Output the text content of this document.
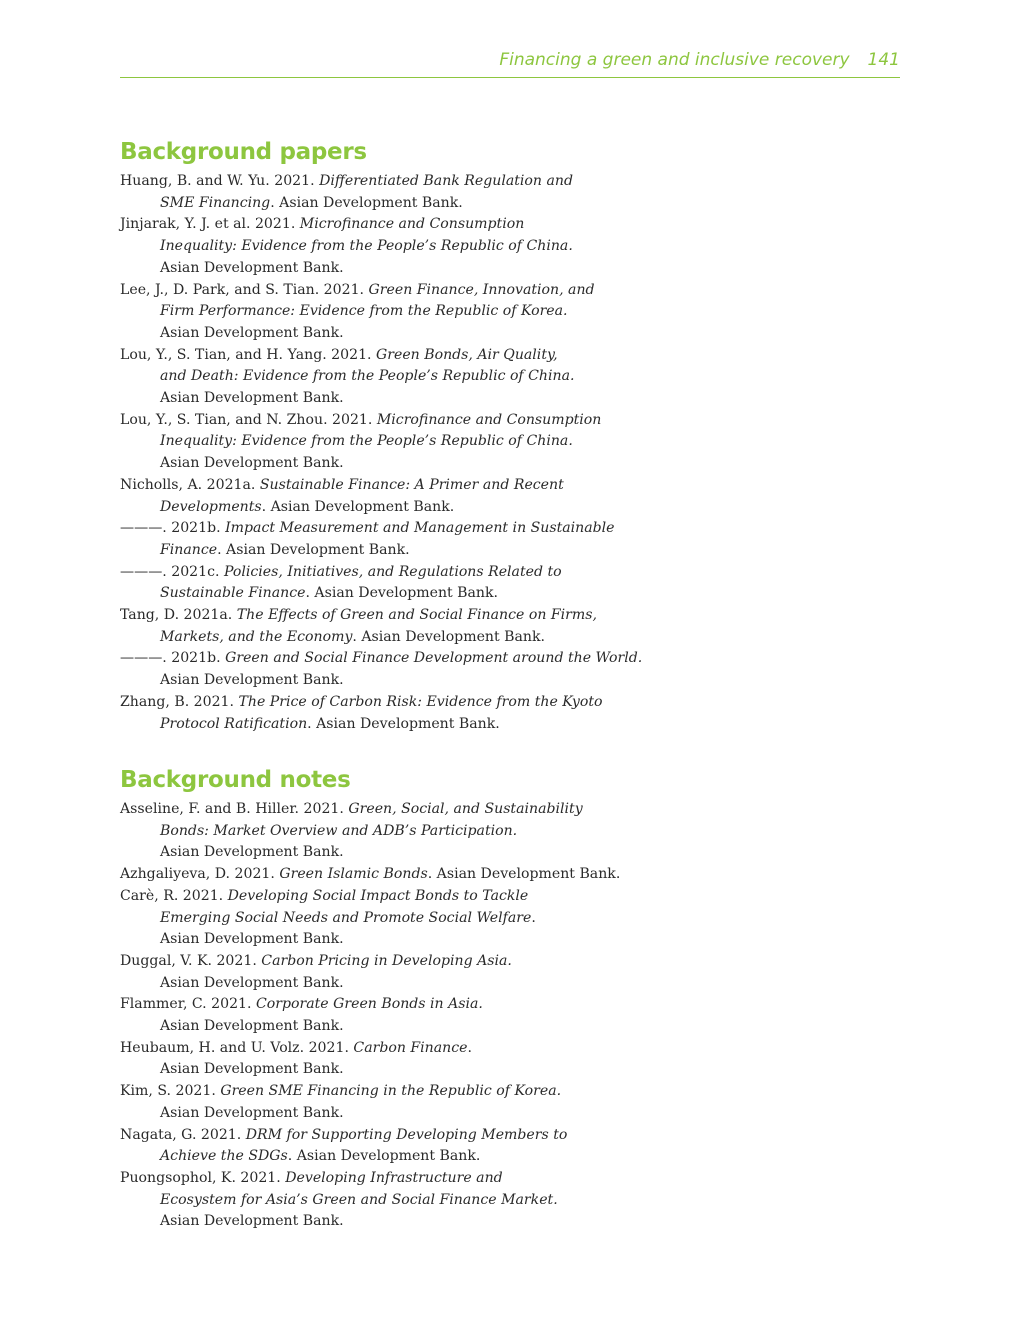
Financing a green and inclusive recovery 141
Background papers
Huang, B. and W. Yu. 2021. Differentiated Bank Regulation and
SME Financing. Asian Development Bank.
Jinjarak, Y. J. et al. 2021. Microfinance and Consumption
Inequality: Evidence from the People’s Republic of China.
Asian Development Bank.
Lee, J., D. Park, and S. Tian. 2021. Green Finance, Innovation, and
Firm Performance: Evidence from the Republic of Korea.
Asian Development Bank.
Lou, Y., S. Tian, and H. Yang. 2021. Green Bonds, Air Quality,
and Death: Evidence from the People’s Republic of China.
Asian Development Bank.
Lou, Y., S. Tian, and N. Zhou. 2021. Microfinance and Consumption
Inequality: Evidence from the People’s Republic of China.
Asian Development Bank.
Nicholls, A. 2021a. Sustainable Finance: A Primer and Recent
Developments. Asian Development Bank.
———. 2021b. Impact Measurement and Management in Sustainable
Finance. Asian Development Bank.
———. 2021c. Policies, Initiatives, and Regulations Related to
Sustainable Finance. Asian Development Bank.
Tang, D. 2021a. The Effects of Green and Social Finance on Firms,
Markets, and the Economy. Asian Development Bank.
———. 2021b. Green and Social Finance Development around the World.
Asian Development Bank.
Zhang, B. 2021. The Price of Carbon Risk: Evidence from the Kyoto
Protocol Ratification. Asian Development Bank.
Background notes
Asseline, F. and B. Hiller. 2021. Green, Social, and Sustainability
Bonds: Market Overview and ADB’s Participation.
Asian Development Bank.
Azhgaliyeva, D. 2021. Green Islamic Bonds. Asian Development Bank.
Carè, R. 2021. Developing Social Impact Bonds to Tackle
Emerging Social Needs and Promote Social Welfare.
Asian Development Bank.
Duggal, V. K. 2021. Carbon Pricing in Developing Asia.
Asian Development Bank.
Flammer, C. 2021. Corporate Green Bonds in Asia.
Asian Development Bank.
Heubaum, H. and U. Volz. 2021. Carbon Finance.
Asian Development Bank.
Kim, S. 2021. Green SME Financing in the Republic of Korea.
Asian Development Bank.
Nagata, G. 2021. DRM for Supporting Developing Members to
Achieve the SDGs. Asian Development Bank.
Puongsophol, K. 2021. Developing Infrastructure and
Ecosystem for Asia’s Green and Social Finance Market.
Asian Development Bank.
